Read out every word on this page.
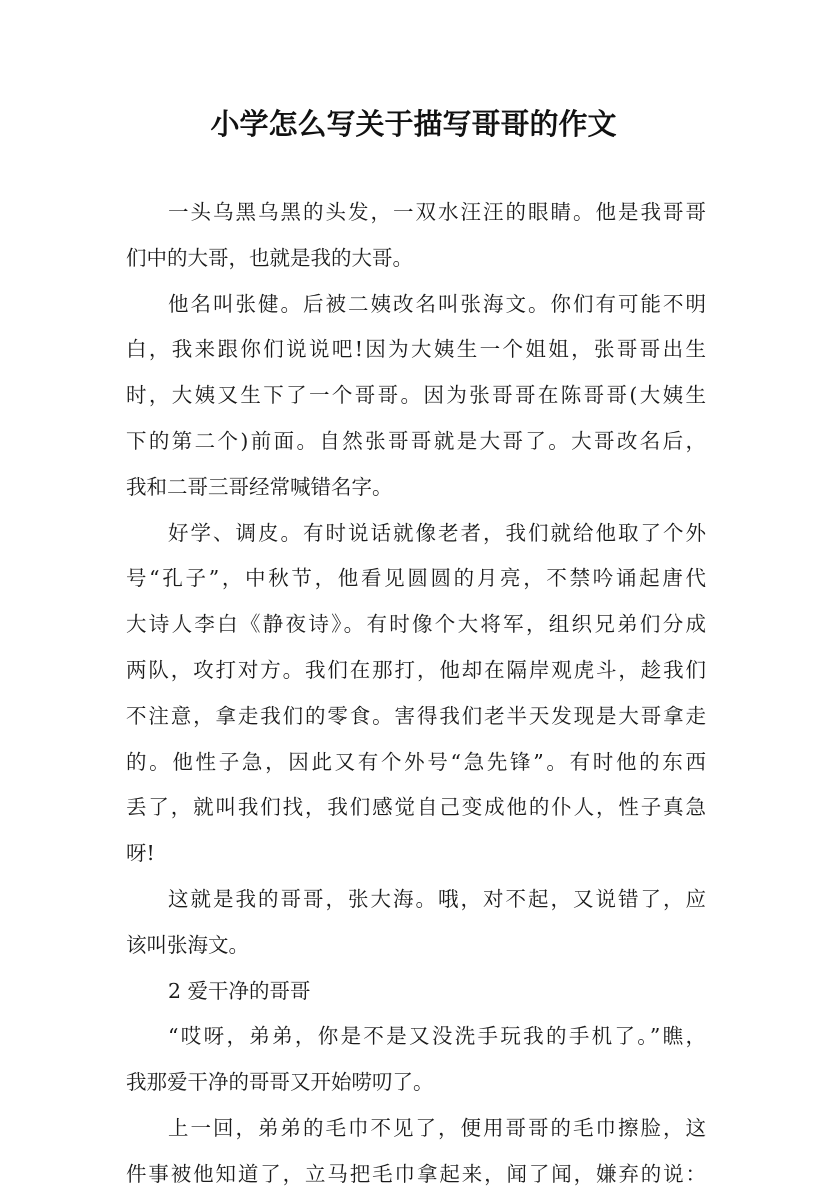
小学怎么写关于描写哥哥的作文
一头乌黑乌黑的头发，一双水汪汪的眼睛。他是我哥哥
们中的大哥，也就是我的大哥。
他名叫张健。后被二姨改名叫张海文。你们有可能不明
白，我来跟你们说说吧!因为大姨生一个姐姐，张哥哥出生
时，大姨又生下了一个哥哥。因为张哥哥在陈哥哥(大姨生
下的第二个)前面。自然张哥哥就是大哥了。大哥改名后，
我和二哥三哥经常喊错名字。
好学、调皮。有时说话就像老者，我们就给他取了个外
号“孔子”，中秋节，他看见圆圆的月亮，不禁吟诵起唐代
大诗人李白《静夜诗》。有时像个大将军，组织兄弟们分成
两队，攻打对方。我们在那打，他却在隔岸观虎斗，趁我们
不注意，拿走我们的零食。害得我们老半天发现是大哥拿走
的。他性子急，因此又有个外号“急先锋”。有时他的东西
丢了，就叫我们找，我们感觉自己变成他的仆人，性子真急
呀!
这就是我的哥哥，张大海。哦，对不起，又说错了，应
该叫张海文。
2 爱干净的哥哥
“哎呀，弟弟，你是不是又没洗手玩我的手机了。”瞧，
我那爱干净的哥哥又开始唠叨了。
上一回，弟弟的毛巾不见了，便用哥哥的毛巾擦脸，这
件事被他知道了，立马把毛巾拿起来，闻了闻，嫌弃的说：
